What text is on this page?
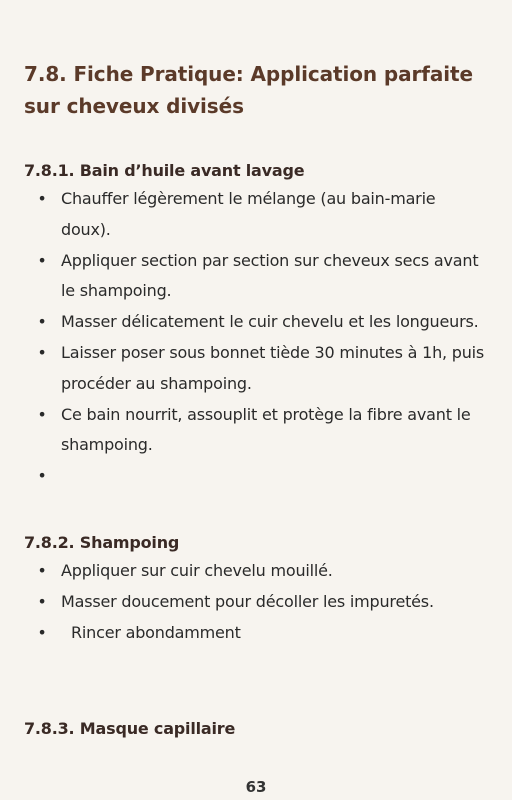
7.8. Fiche Pratique: Application parfaite sur cheveux divisés
7.8.1. Bain d’huile avant lavage
• Chauffer légèrement le mélange (au bain-marie doux).
• Appliquer section par section sur cheveux secs avant le shampoing.
• Masser délicatement le cuir chevelu et les longueurs.
• Laisser poser sous bonnet tiède 30 minutes à 1h, puis procéder au shampoing.
• Ce bain nourrit, assouplit et protège la fibre avant le shampoing.
•
7.8.2. Shampoing
• Appliquer sur cuir chevelu mouillé.
• Masser doucement pour décoller les impuretés.
• Rincer abondamment
7.8.3. Masque capillaire
63
